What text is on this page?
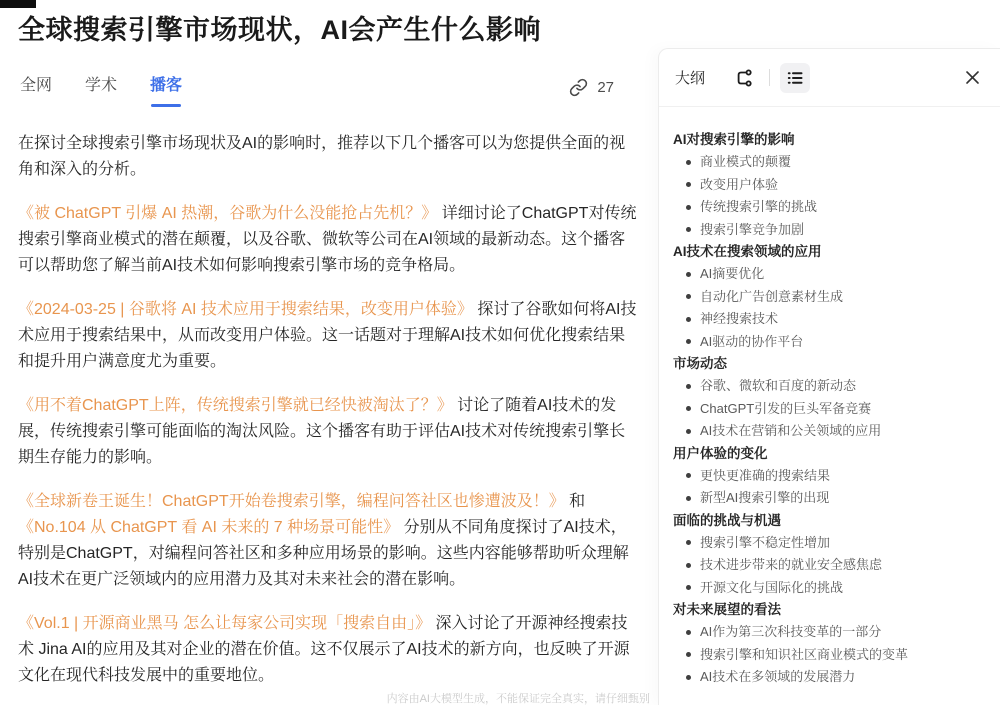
全球搜索引擎市场现状，AI会产生什么影响
全网 学术 播客	27

在探讨全球搜索引擎市场现状及AI的影响时，推荐以下几个播客可以为您提供全面的视角和深入的分析。

《被 ChatGPT 引爆 AI 热潮，谷歌为什么没能抢占先机？》 详细讨论了ChatGPT对传统搜索引擎商业模式的潜在颠覆，以及谷歌、微软等公司在AI领域的最新动态。这个播客可以帮助您了解当前AI技术如何影响搜索引擎市场的竞争格局。

《2024-03-25 | 谷歌将 AI 技术应用于搜索结果，改变用户体验》 探讨了谷歌如何将AI技术应用于搜索结果中，从而改变用户体验。这一话题对于理解AI技术如何优化搜索结果和提升用户满意度尤为重要。

《用不着ChatGPT上阵，传统搜索引擎就已经快被淘汰了？》 讨论了随着AI技术的发展，传统搜索引擎可能面临的淘汰风险。这个播客有助于评估AI技术对传统搜索引擎长期生存能力的影响。

《全球新卷王诞生！ChatGPT开始卷搜索引擎，编程问答社区也惨遭波及！》 和《No.104 从 ChatGPT 看 AI 未来的 7 种场景可能性》 分别从不同角度探讨了AI技术，特别是ChatGPT，对编程问答社区和多种应用场景的影响。这些内容能够帮助听众理解AI技术在更广泛领域内的应用潜力及其对未来社会的潜在影响。

《Vol.1 | 开源商业黑马 怎么让每家公司实现「搜索自由」》 深入讨论了开源神经搜索技术 Jina AI的应用及其对企业的潜在价值。这不仅展示了AI技术的新方向，也反映了开源文化在现代科技发展中的重要地位。

内容由AI大模型生成，不能保证完全真实，请仔细甄别
大纲
AI对搜索引擎的影响
商业模式的颠覆
改变用户体验
传统搜索引擎的挑战
搜索引擎竞争加剧
AI技术在搜索领域的应用
AI摘要优化
自动化广告创意素材生成
神经搜索技术
AI驱动的协作平台
市场动态
谷歌、微软和百度的新动态
ChatGPT引发的巨头军备竞赛
AI技术在营销和公关领域的应用
用户体验的变化
更快更准确的搜索结果
新型AI搜索引擎的出现
面临的挑战与机遇
搜索引擎不稳定性增加
技术进步带来的就业安全感焦虑
开源文化与国际化的挑战
对未来展望的看法
AI作为第三次科技变革的一部分
搜索引擎和知识社区商业模式的变革
AI技术在多领域的发展潜力
